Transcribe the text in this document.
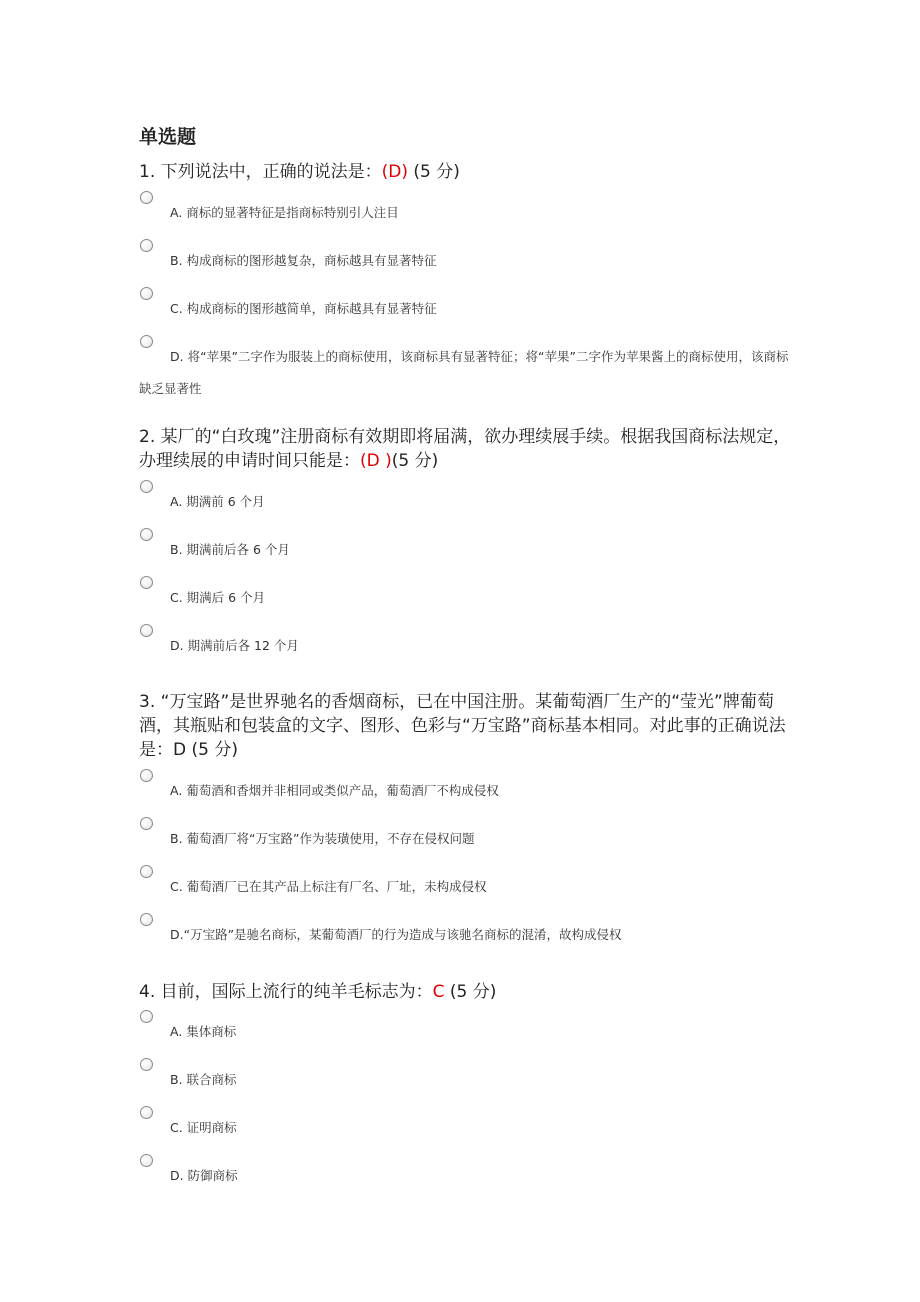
单选题
1. 下列说法中，正确的说法是：(D) (5 分)
A. 商标的显著特征是指商标特别引人注目
B. 构成商标的图形越复杂，商标越具有显著特征
C. 构成商标的图形越简单，商标越具有显著特征
D. 将“苹果”二字作为服装上的商标使用，该商标具有显著特征；将“苹果”二字作为苹果酱上的商标使用，该商标缺乏显著性
2. 某厂的“白玫瑰”注册商标有效期即将届满，欲办理续展手续。根据我国商标法规定，办理续展的申请时间只能是：(D )(5 分)
A. 期满前 6 个月
B. 期满前后各 6 个月
C. 期满后 6 个月
D. 期满前后各 12 个月
3. “万宝路”是世界驰名的香烟商标，已在中国注册。某葡萄酒厂生产的“莹光”牌葡萄酒，其瓶贴和包装盒的文字、图形、色彩与“万宝路”商标基本相同。对此事的正确说法是：D (5 分)
A. 葡萄酒和香烟并非相同或类似产品，葡萄酒厂不构成侵权
B. 葡萄酒厂将“万宝路”作为装璜使用，不存在侵权问题
C. 葡萄酒厂已在其产品上标注有厂名、厂址，未构成侵权
D.“万宝路”是驰名商标，某葡萄酒厂的行为造成与该驰名商标的混淆，故构成侵权
4. 目前，国际上流行的纯羊毛标志为：C (5 分)
A. 集体商标
B. 联合商标
C. 证明商标
D. 防御商标
